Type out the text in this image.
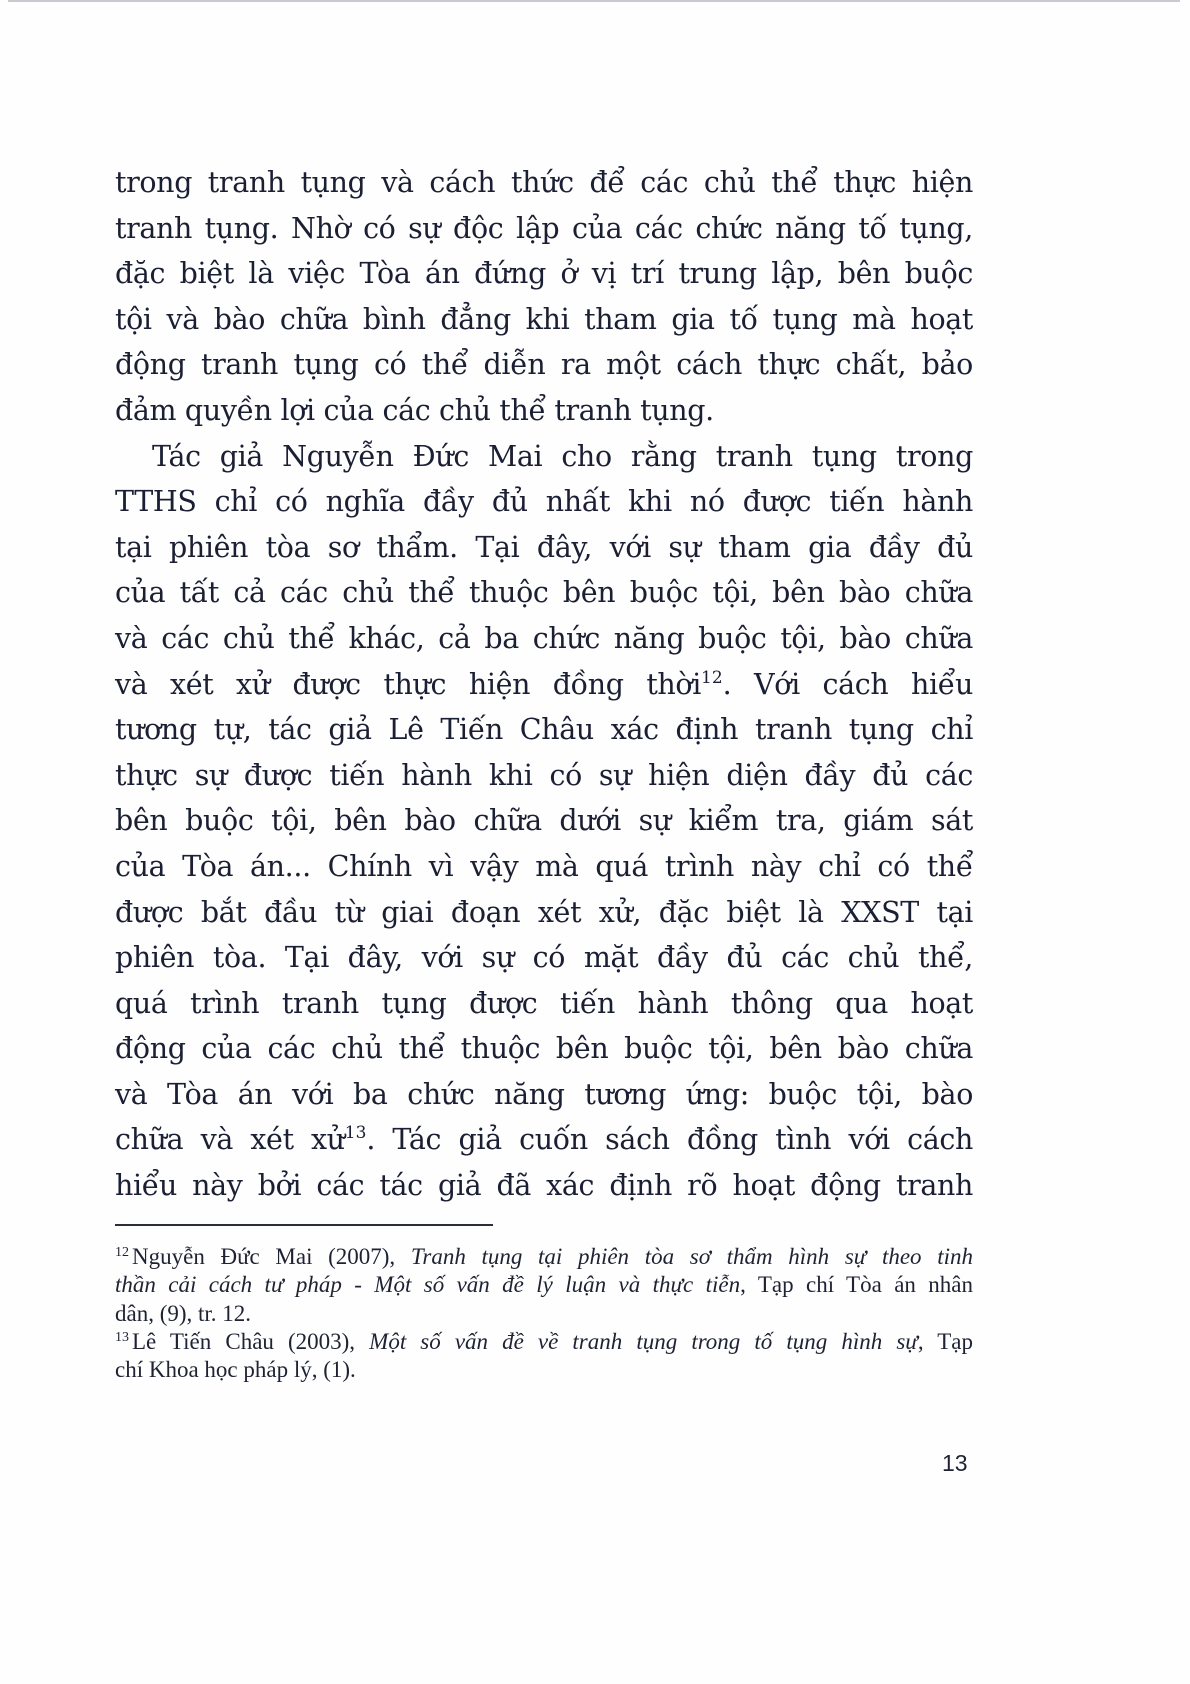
trong tranh tụng và cách thức để các chủ thể thực hiện
tranh tụng. Nhờ có sự độc lập của các chức năng tố tụng,
đặc biệt là việc Tòa án đứng ở vị trí trung lập, bên buộc
tội và bào chữa bình đẳng khi tham gia tố tụng mà hoạt
động tranh tụng có thể diễn ra một cách thực chất, bảo
đảm quyền lợi của các chủ thể tranh tụng.
Tác giả Nguyễn Đức Mai cho rằng tranh tụng trong
TTHS chỉ có nghĩa đầy đủ nhất khi nó được tiến hành
tại phiên tòa sơ thẩm. Tại đây, với sự tham gia đầy đủ
của tất cả các chủ thể thuộc bên buộc tội, bên bào chữa
và các chủ thể khác, cả ba chức năng buộc tội, bào chữa
và xét xử được thực hiện đồng thời$^{12}$. Với cách hiểu
tương tự, tác giả Lê Tiến Châu xác định tranh tụng chỉ
thực sự được tiến hành khi có sự hiện diện đầy đủ các
bên buộc tội, bên bào chữa dưới sự kiểm tra, giám sát
của Tòa án... Chính vì vậy mà quá trình này chỉ có thể
được bắt đầu từ giai đoạn xét xử, đặc biệt là XXST tại
phiên tòa. Tại đây, với sự có mặt đầy đủ các chủ thể,
quá trình tranh tụng được tiến hành thông qua hoạt
động của các chủ thể thuộc bên buộc tội, bên bào chữa
và Tòa án với ba chức năng tương ứng: buộc tội, bào
chữa và xét xử$^{13}$. Tác giả cuốn sách đồng tình với cách
hiểu này bởi các tác giả đã xác định rõ hoạt động tranh
$^{12}$ Nguyễn Đức Mai (2007), Tranh tụng tại phiên tòa sơ thẩm hình sự theo tinh
thần cải cách tư pháp - Một số vấn đề lý luận và thực tiễn, Tạp chí Tòa án nhân
dân, (9), tr. 12.
$^{13}$ Lê Tiến Châu (2003), Một số vấn đề về tranh tụng trong tố tụng hình sự, Tạp
chí Khoa học pháp lý, (1).
13
